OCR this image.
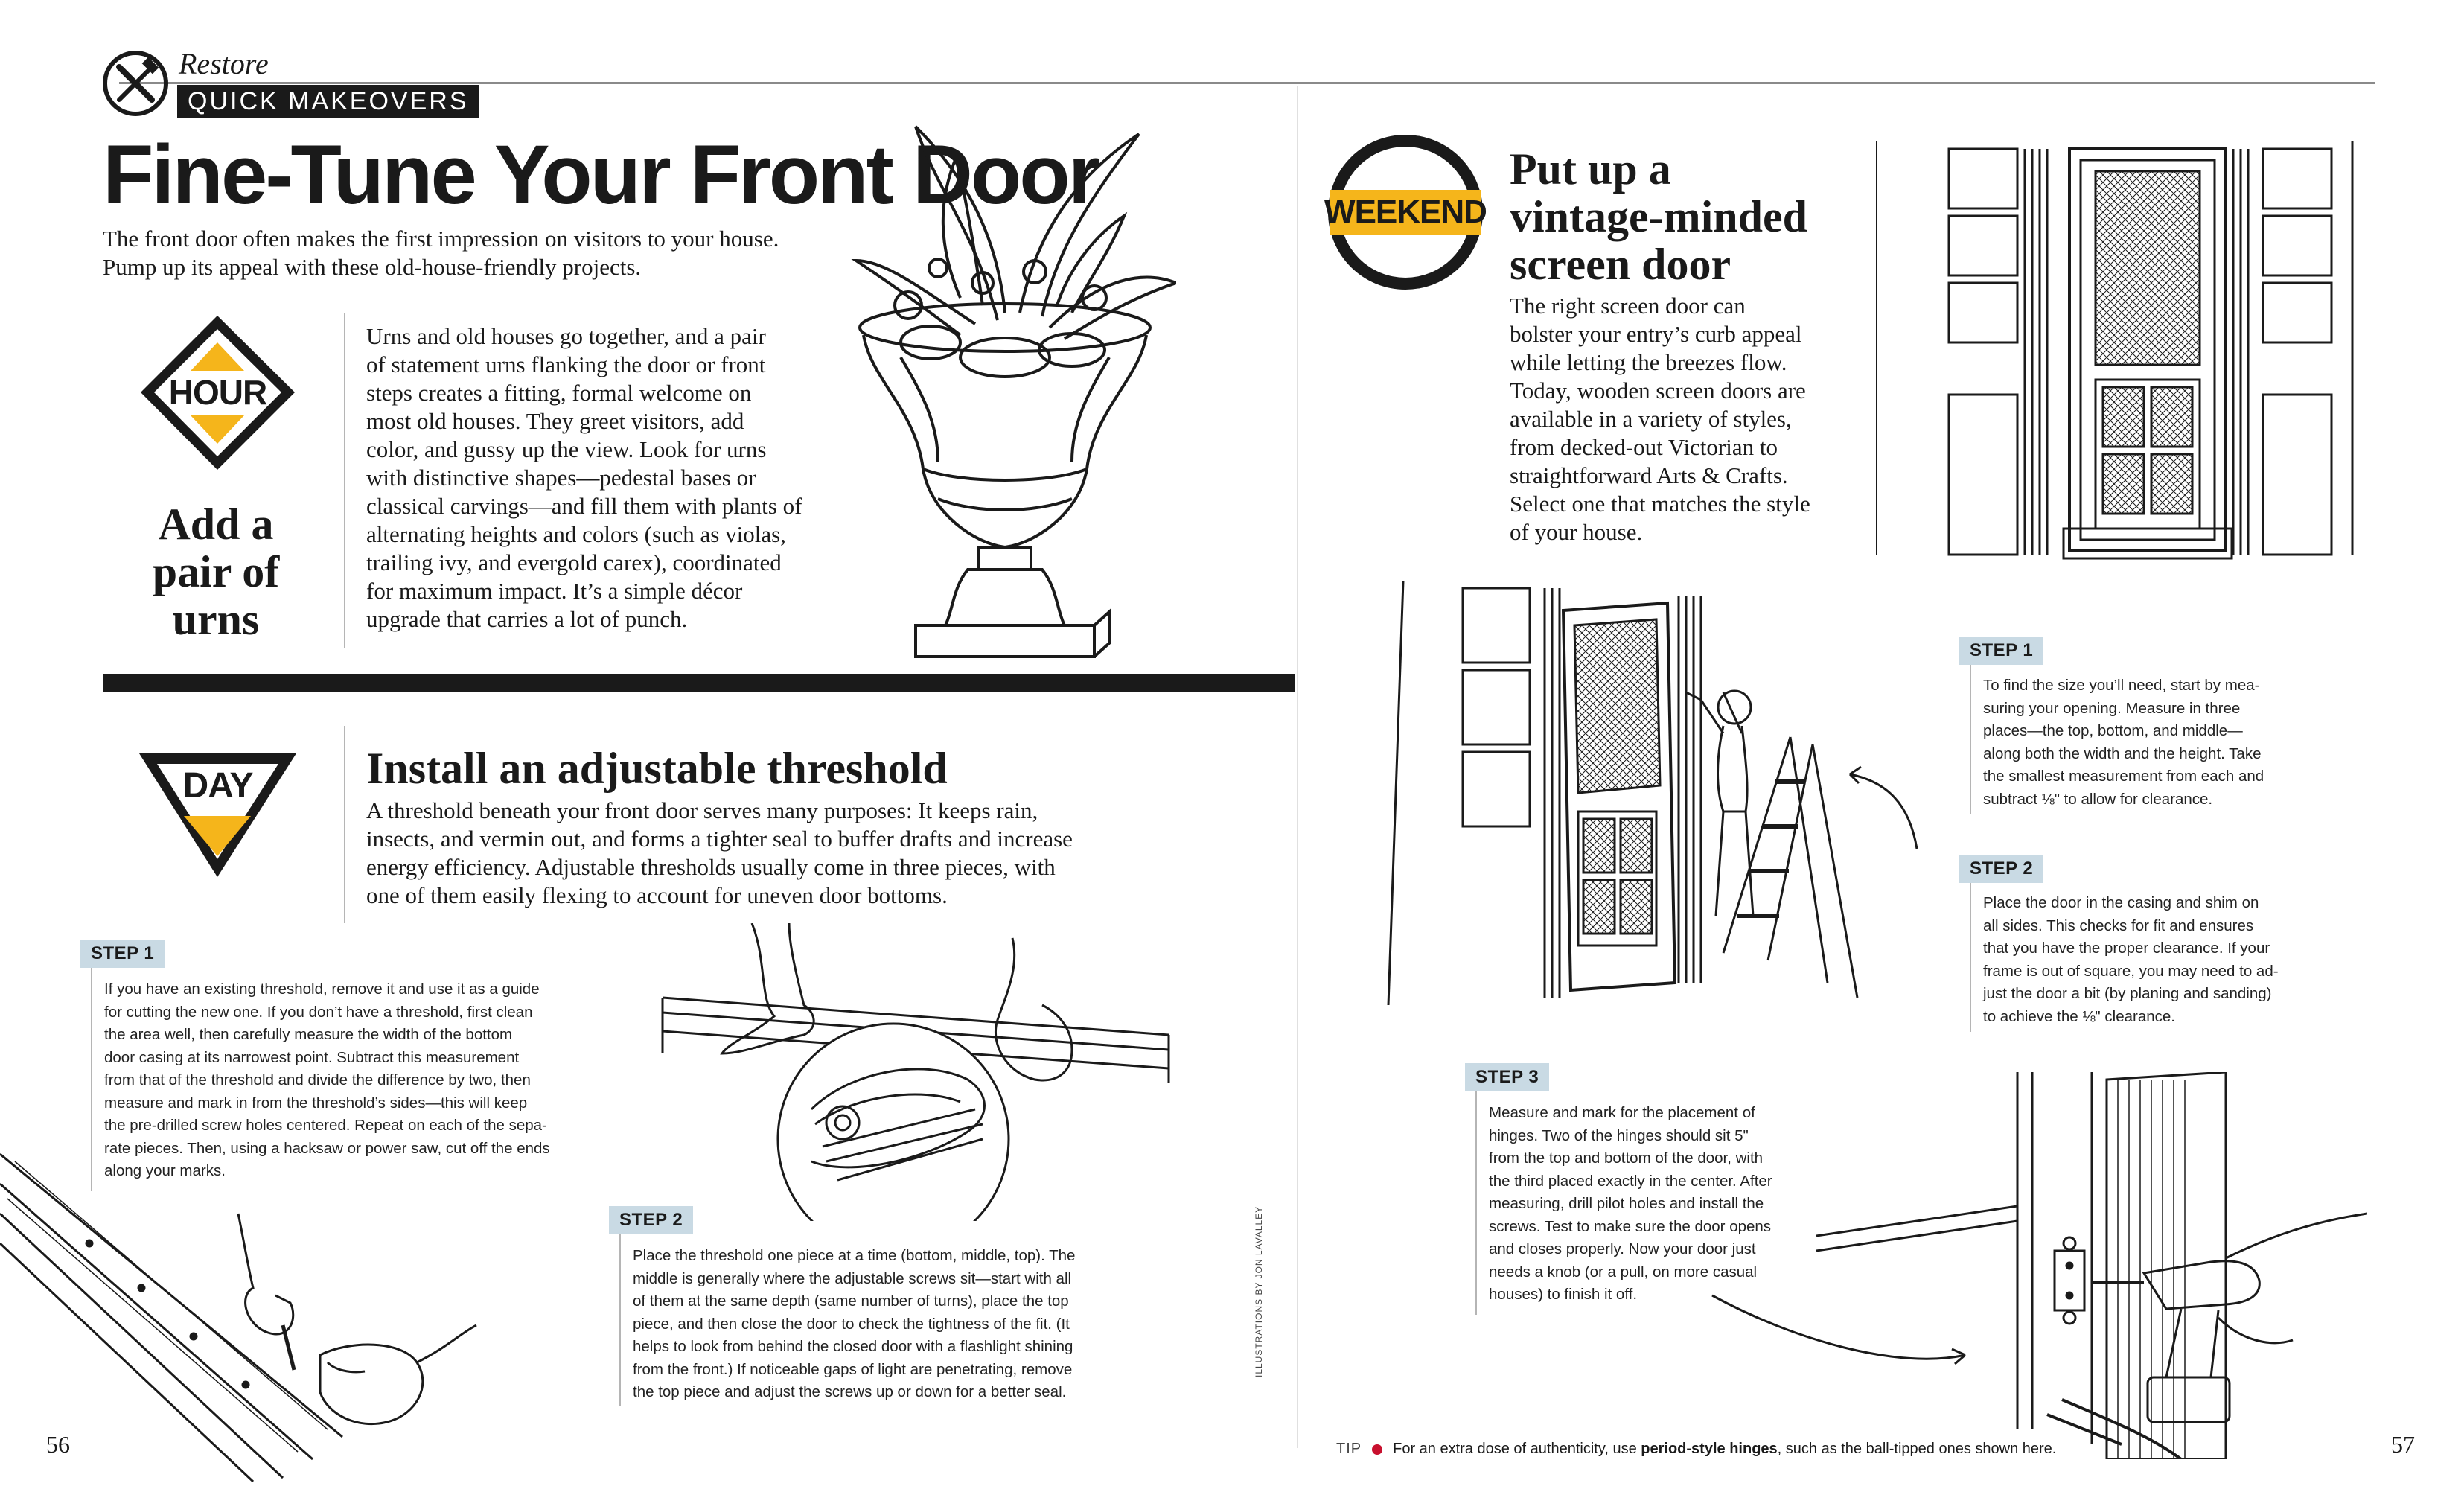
Restore
QUICK MAKEOVERS
Fine-Tune Your Front Door
The front door often makes the first impression on visitors to your house. Pump up its appeal with these old-house-friendly projects.
HOUR
Add a
pair of
urns
Urns and old houses go together, and a pair
of statement urns flanking the door or front
steps creates a fitting, formal welcome on
most old houses. They greet visitors, add
color, and gussy up the view. Look for urns
with distinctive shapes—pedestal bases or
classical carvings—and fill them with plants of
alternating heights and colors (such as violas,
trailing ivy, and evergold carex), coordinated
for maximum impact. It’s a simple décor
upgrade that carries a lot of punch.
DAY	Install an adjustable threshold
A threshold beneath your front door serves many purposes: It keeps rain,
insects, and vermin out, and forms a tighter seal to buffer drafts and increase
energy efficiency. Adjustable thresholds usually come in three pieces, with
one of them easily flexing to account for uneven door bottoms.
STEP 1
If you have an existing threshold, remove it and use it as a guide
for cutting the new one. If you don’t have a threshold, first clean
the area well, then carefully measure the width of the bottom
door casing at its narrowest point. Subtract this measurement
from that of the threshold and divide the difference by two, then
measure and mark in from the threshold’s sides—this will keep
the pre-drilled screw holes centered. Repeat on each of the sepa-
rate pieces. Then, using a hacksaw or power saw, cut off the ends
along your marks.
STEP 2
Place the threshold one piece at a time (bottom, middle, top). The
middle is generally where the adjustable screws sit—start with all
of them at the same depth (same number of turns), place the top
piece, and then close the door to check the tightness of the fit. (It
helps to look from behind the closed door with a flashlight shining
from the front.) If noticeable gaps of light are penetrating, remove
the top piece and adjust the screws up or down for a better seal.
ILLUSTRATIONS BY JON LAVALLEY
56
WEEKEND
Put up a
vintage-minded
screen door
The right screen door can
bolster your entry’s curb appeal
while letting the breezes flow.
Today, wooden screen doors are
available in a variety of styles,
from decked-out Victorian to
straightforward Arts & Crafts.
Select one that matches the style
of your house.
STEP 1
To find the size you’ll need, start by mea-
suring your opening. Measure in three
places—the top, bottom, and middle—
along both the width and the height. Take
the smallest measurement from each and
subtract ⅛" to allow for clearance.
STEP 2
Place the door in the casing and shim on
all sides. This checks for fit and ensures
that you have the proper clearance. If your
frame is out of square, you may need to ad-
just the door a bit (by planing and sanding)
to achieve the ⅛" clearance.
STEP 3
Measure and mark for the placement of
hinges. Two of the hinges should sit 5"
from the top and bottom of the door, with
the third placed exactly in the center. After
measuring, drill pilot holes and install the
screws. Test to make sure the door opens
and closes properly. Now your door just
needs a knob (or a pull, on more casual
houses) to finish it off.
TIP For an extra dose of authenticity, use period-style hinges, such as the ball-tipped ones shown here.	57
